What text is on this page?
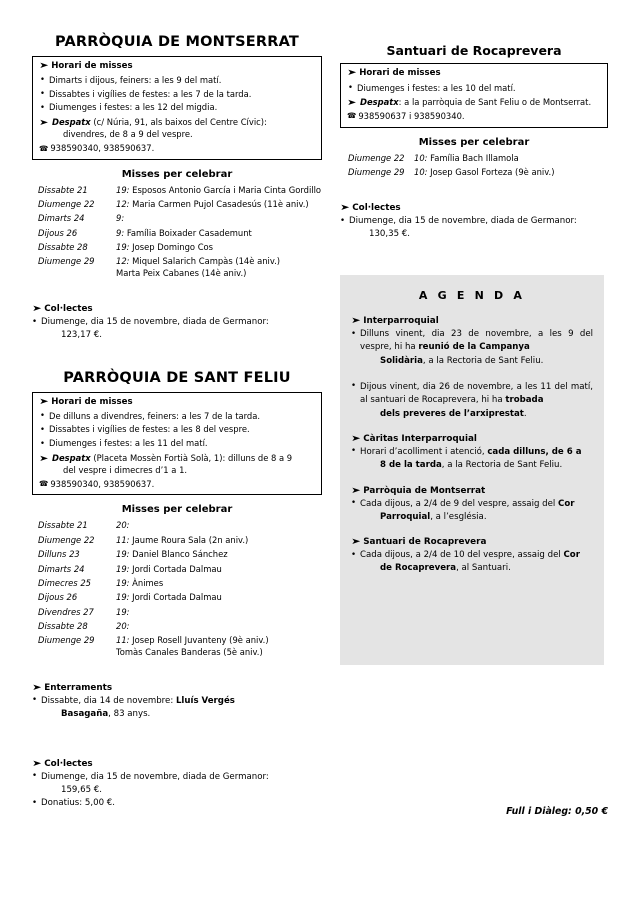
PARRÒQUIA DE MONTSERRAT
➤ Horari de misses
• Dimarts i dijous, feiners: a les 9 del matí.
• Dissabtes i vigílies de festes: a les 7 de la tarda.
• Diumenges i festes: a les 12 del migdia.
➤ Despatx (c/ Núria, 91, als baixos del Centre Cívic):
divendres, de 8 a 9 del vespre.
☎ 938590340, 938590637.
Misses per celebrar
Dissabte 21	19: Esposos Antonio García i Maria Cinta Gordillo
Diumenge 22	12: Maria Carmen Pujol Casadesús (11è aniv.)
Dimarts 24	9:
Dijous 26	9: Família Boixader Casademunt
Dissabte 28	19: Josep Domingo Cos
Diumenge 29	12: Miquel Salarich Campàs (14è aniv.)
Marta Peix Cabanes (14è aniv.)
➤ Col·lectes
• Diumenge, dia 15 de novembre, diada de Germanor:
123,17 €.
PARRÒQUIA DE SANT FELIU
➤ Horari de misses
• De dilluns a divendres, feiners: a les 7 de la tarda.
• Dissabtes i vigílies de festes: a les 8 del vespre.
• Diumenges i festes: a les 11 del matí.
➤ Despatx (Placeta Mossèn Fortià Solà, 1): dilluns de 8 a 9
del vespre i dimecres d’1 a 1.
☎ 938590340, 938590637.
Misses per celebrar
Dissabte 21	20:
Diumenge 22	11: Jaume Roura Sala (2n aniv.)
Dilluns 23	19: Daniel Blanco Sánchez
Dimarts 24	19: Jordi Cortada Dalmau
Dimecres 25	19: Ànimes
Dijous 26	19: Jordi Cortada Dalmau
Divendres 27	19:
Dissabte 28	20:
Diumenge 29	11: Josep Rosell Juvanteny (9è aniv.)
Tomàs Canales Banderas (5è aniv.)
➤ Enterraments
• Dissabte, dia 14 de novembre: Lluís Vergés
Basagaña, 83 anys.
➤ Col·lectes
• Diumenge, dia 15 de novembre, diada de Germanor:
159,65 €.
• Donatius: 5,00 €.
Santuari de Rocaprevera
➤ Horari de misses
• Diumenges i festes: a les 10 del matí.
➤ Despatx: a la parròquia de Sant Feliu o de Montserrat.
☎ 938590637 i 938590340.
Misses per celebrar
Diumenge 22	10: Família Bach Illamola
Diumenge 29	10: Josep Gasol Forteza (9è aniv.)
➤ Col·lectes
• Diumenge, dia 15 de novembre, diada de Germanor:
130,35 €.
A G E N D A
➤ Interparroquial
• Dilluns vinent, dia 23 de novembre, a les 9 del vespre, hi ha reunió de la Campanya
Solidària, a la Rectoria de Sant Feliu.
• Dijous vinent, dia 26 de novembre, a les 11 del matí, al santuari de Rocaprevera, hi ha trobada
dels preveres de l’arxiprestat.
➤ Càritas Interparroquial
• Horari d’acolliment i atenció, cada dilluns, de 6 a
8 de la tarda, a la Rectoria de Sant Feliu.
➤ Parròquia de Montserrat
• Cada dijous, a 2/4 de 9 del vespre, assaig del Cor
Parroquial, a l’església.
➤ Santuari de Rocaprevera
• Cada dijous, a 2/4 de 10 del vespre, assaig del Cor
de Rocaprevera, al Santuari.
Full i Diàleg: 0,50 €
